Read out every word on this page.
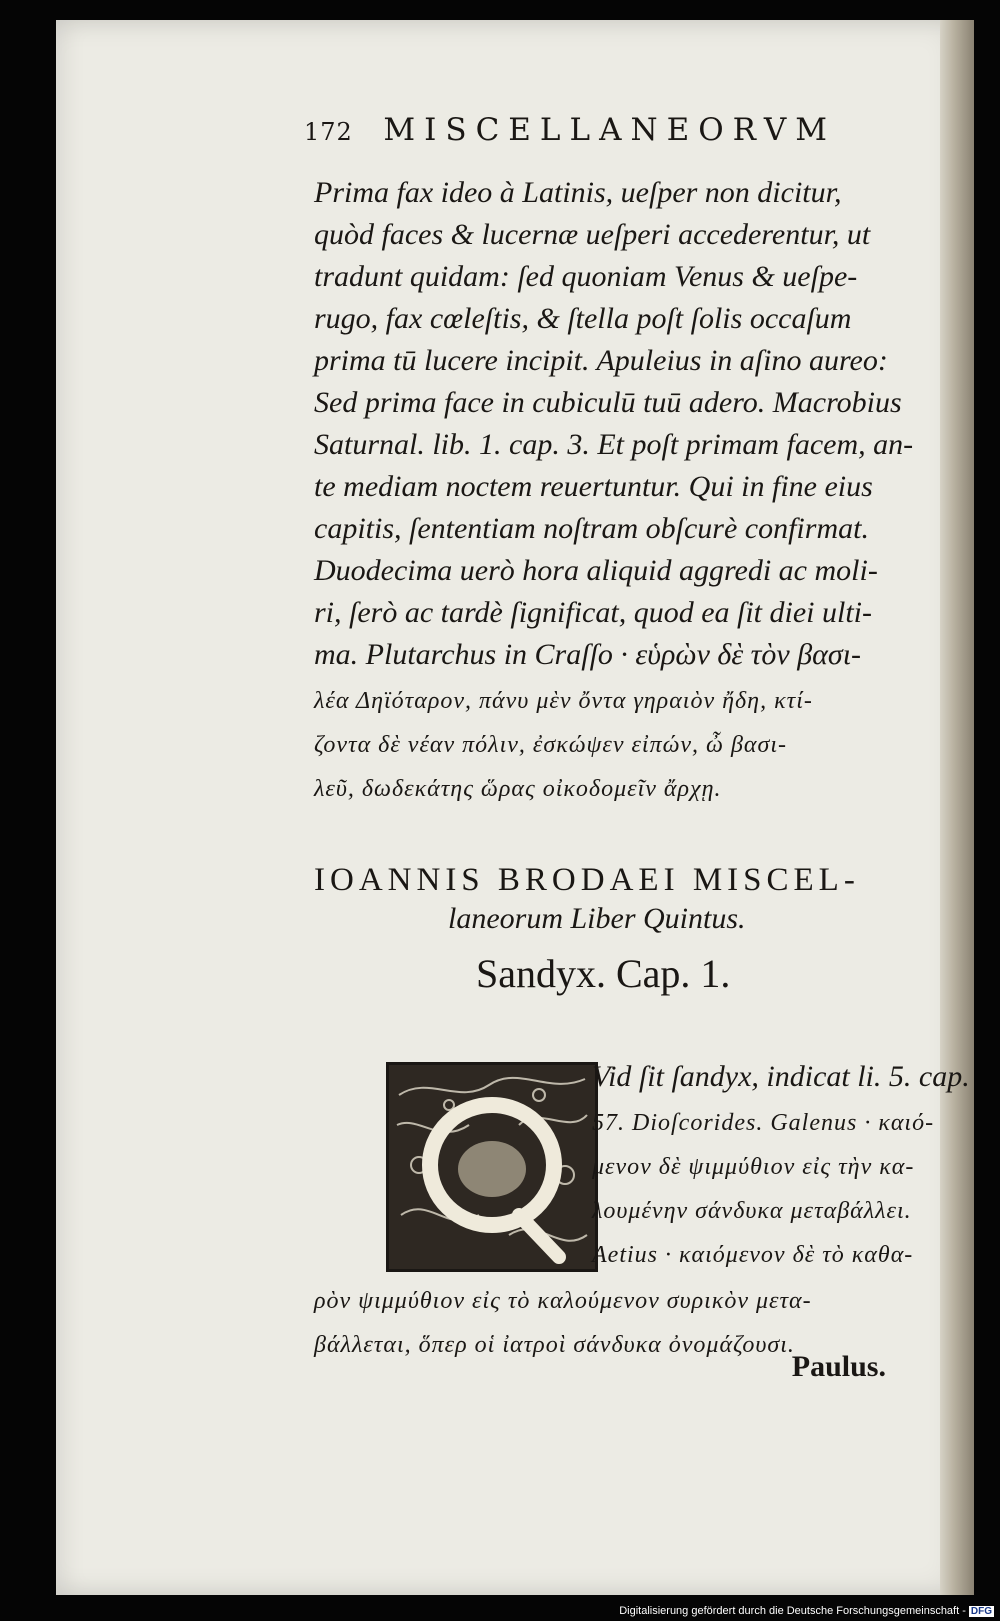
172 MISCELLANEORVM
Prima fax ideo à Latinis, ueſper non dicitur,
quòd faces & lucernæ ueſperi accederentur, ut
tradunt quidam: ſed quoniam Venus & ueſpe-
rugo, fax cœleſtis, & ſtella poſt ſolis occaſum
prima tū lucere incipit. Apuleius in aſino aureo:
Sed prima face in cubiculū tuū adero. Macrobius
Saturnal. lib. 1. cap. 3. Et poſt primam facem, an-
te mediam noctem reuertuntur. Qui in fine eius
capitis, ſententiam noſtram obſcurè confirmat.
Duodecima uerò hora aliquid aggredi ac moli-
ri, ſerò ac tardè ſignificat, quod ea ſit diei ulti-
ma. Plutarchus in Craſſo · εὑρὼν δὲ τὸν βασι-
λέα Δηϊόταρον, πάνυ μὲν ὄντα γηραιὸν ἤδη, κτί-
ζοντα δὲ νέαν πόλιν, ἐσκώψεν εἰπών, ὦ βασι-
λεῦ, δωδεκάτης ὥρας οἰκοδομεῖν ἄρχῃ.
IOANNIS BRODAEI MISCEL-
laneorum Liber Quintus.
Sandyx. Cap. 1.
Vid ſit ſandyx, indicat li. 5. cap.
57. Dioſcorides. Galenus · καιό-
μενον δὲ ψιμμύθιον εἰς τὴν κα-
λουμένην σάνδυκα μεταβάλλει.
Aetius · καιόμενον δὲ τὸ καθα-
ρὸν ψιμμύθιον εἰς τὸ καλούμενον συρικὸν μετα-
βάλλεται, ὅπερ οἱ ἰατροὶ σάνδυκα ὀνομάζουσι.
Paulus.
Digitalisierung gefördert durch die Deutsche Forschungsgemeinschaft - DFG
